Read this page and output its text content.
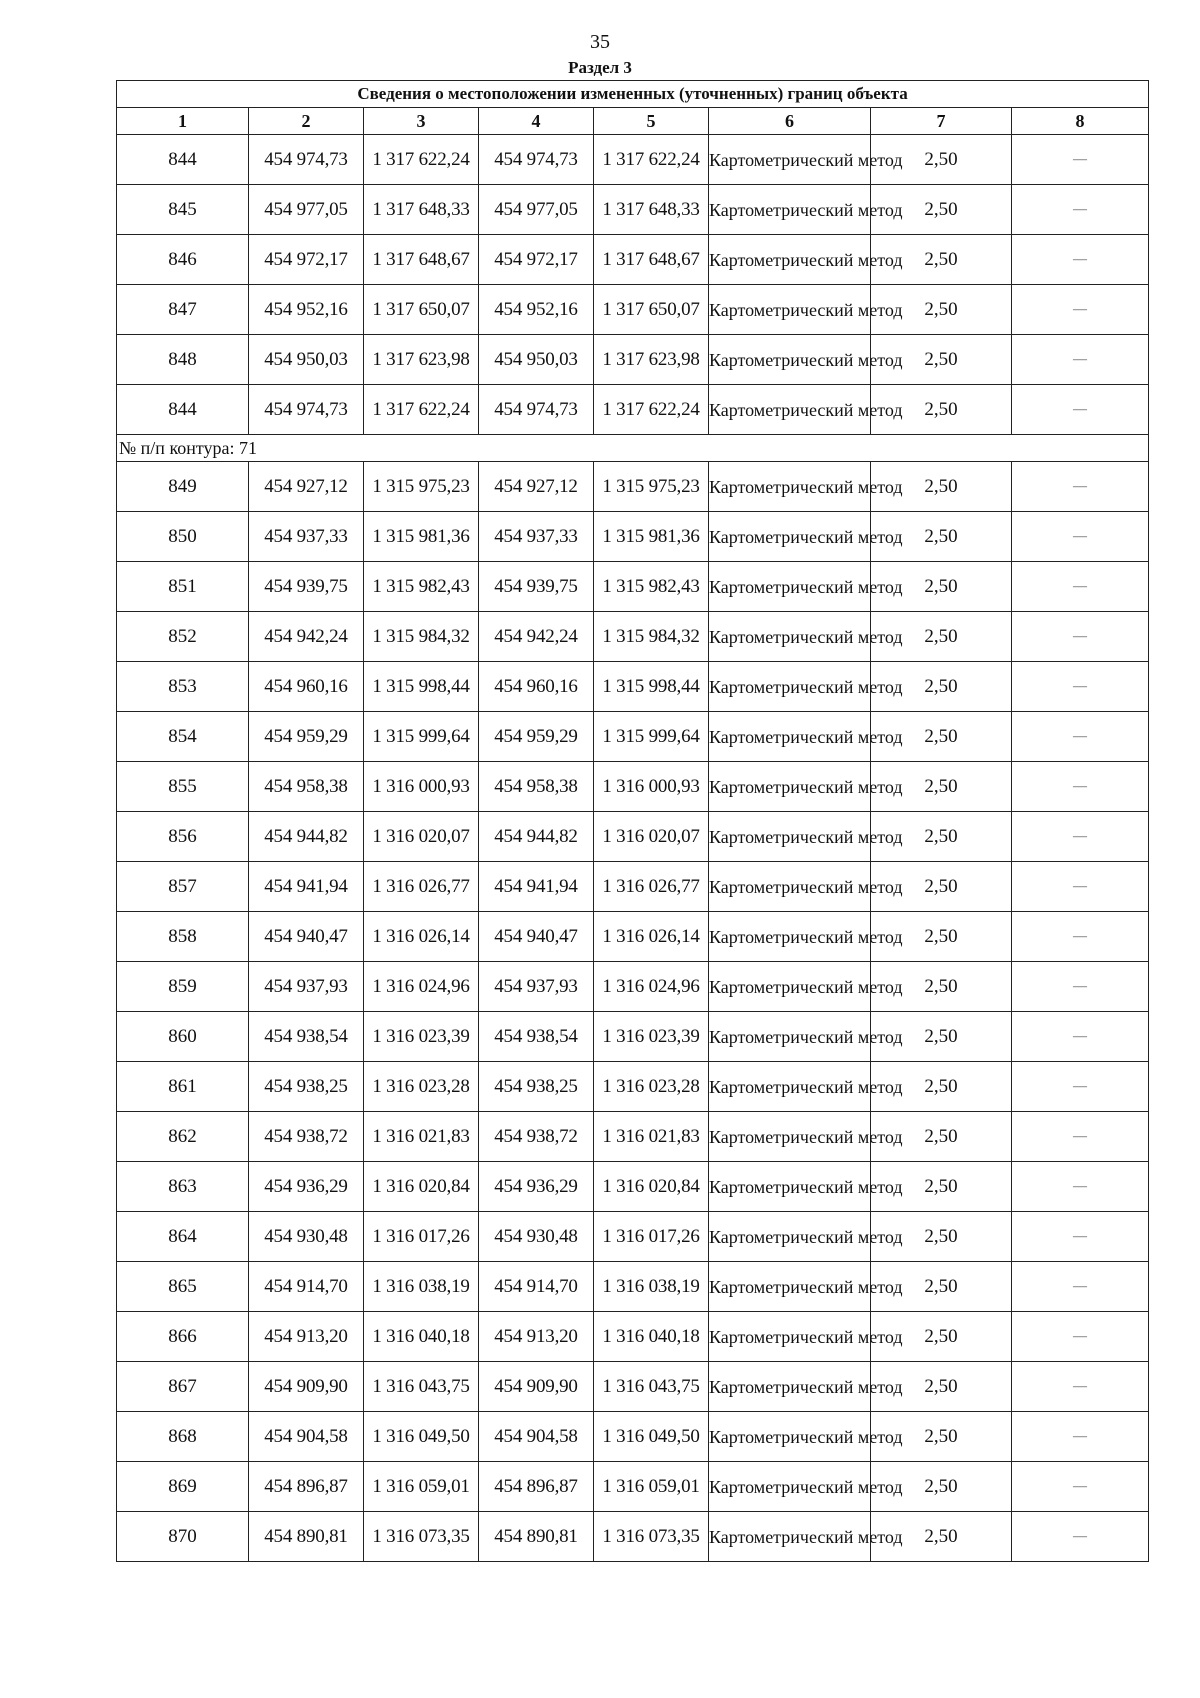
35
Раздел 3
Сведения о местоположении измененных (уточненных) границ объекта							
1	2	3	4	5	6	7	8
844	454 974,73	1 317 622,24	454 974,73	1 317 622,24	Картометрический метод	2,50	—
845	454 977,05	1 317 648,33	454 977,05	1 317 648,33	Картометрический метод	2,50	—
846	454 972,17	1 317 648,67	454 972,17	1 317 648,67	Картометрический метод	2,50	—
847	454 952,16	1 317 650,07	454 952,16	1 317 650,07	Картометрический метод	2,50	—
848	454 950,03	1 317 623,98	454 950,03	1 317 623,98	Картометрический метод	2,50	—
844	454 974,73	1 317 622,24	454 974,73	1 317 622,24	Картометрический метод	2,50	—
№ п/п контура: 71							
849	454 927,12	1 315 975,23	454 927,12	1 315 975,23	Картометрический метод	2,50	—
850	454 937,33	1 315 981,36	454 937,33	1 315 981,36	Картометрический метод	2,50	—
851	454 939,75	1 315 982,43	454 939,75	1 315 982,43	Картометрический метод	2,50	—
852	454 942,24	1 315 984,32	454 942,24	1 315 984,32	Картометрический метод	2,50	—
853	454 960,16	1 315 998,44	454 960,16	1 315 998,44	Картометрический метод	2,50	—
854	454 959,29	1 315 999,64	454 959,29	1 315 999,64	Картометрический метод	2,50	—
855	454 958,38	1 316 000,93	454 958,38	1 316 000,93	Картометрический метод	2,50	—
856	454 944,82	1 316 020,07	454 944,82	1 316 020,07	Картометрический метод	2,50	—
857	454 941,94	1 316 026,77	454 941,94	1 316 026,77	Картометрический метод	2,50	—
858	454 940,47	1 316 026,14	454 940,47	1 316 026,14	Картометрический метод	2,50	—
859	454 937,93	1 316 024,96	454 937,93	1 316 024,96	Картометрический метод	2,50	—
860	454 938,54	1 316 023,39	454 938,54	1 316 023,39	Картометрический метод	2,50	—
861	454 938,25	1 316 023,28	454 938,25	1 316 023,28	Картометрический метод	2,50	—
862	454 938,72	1 316 021,83	454 938,72	1 316 021,83	Картометрический метод	2,50	—
863	454 936,29	1 316 020,84	454 936,29	1 316 020,84	Картометрический метод	2,50	—
864	454 930,48	1 316 017,26	454 930,48	1 316 017,26	Картометрический метод	2,50	—
865	454 914,70	1 316 038,19	454 914,70	1 316 038,19	Картометрический метод	2,50	—
866	454 913,20	1 316 040,18	454 913,20	1 316 040,18	Картометрический метод	2,50	—
867	454 909,90	1 316 043,75	454 909,90	1 316 043,75	Картометрический метод	2,50	—
868	454 904,58	1 316 049,50	454 904,58	1 316 049,50	Картометрический метод	2,50	—
869	454 896,87	1 316 059,01	454 896,87	1 316 059,01	Картометрический метод	2,50	—
870	454 890,81	1 316 073,35	454 890,81	1 316 073,35	Картометрический метод	2,50	—
